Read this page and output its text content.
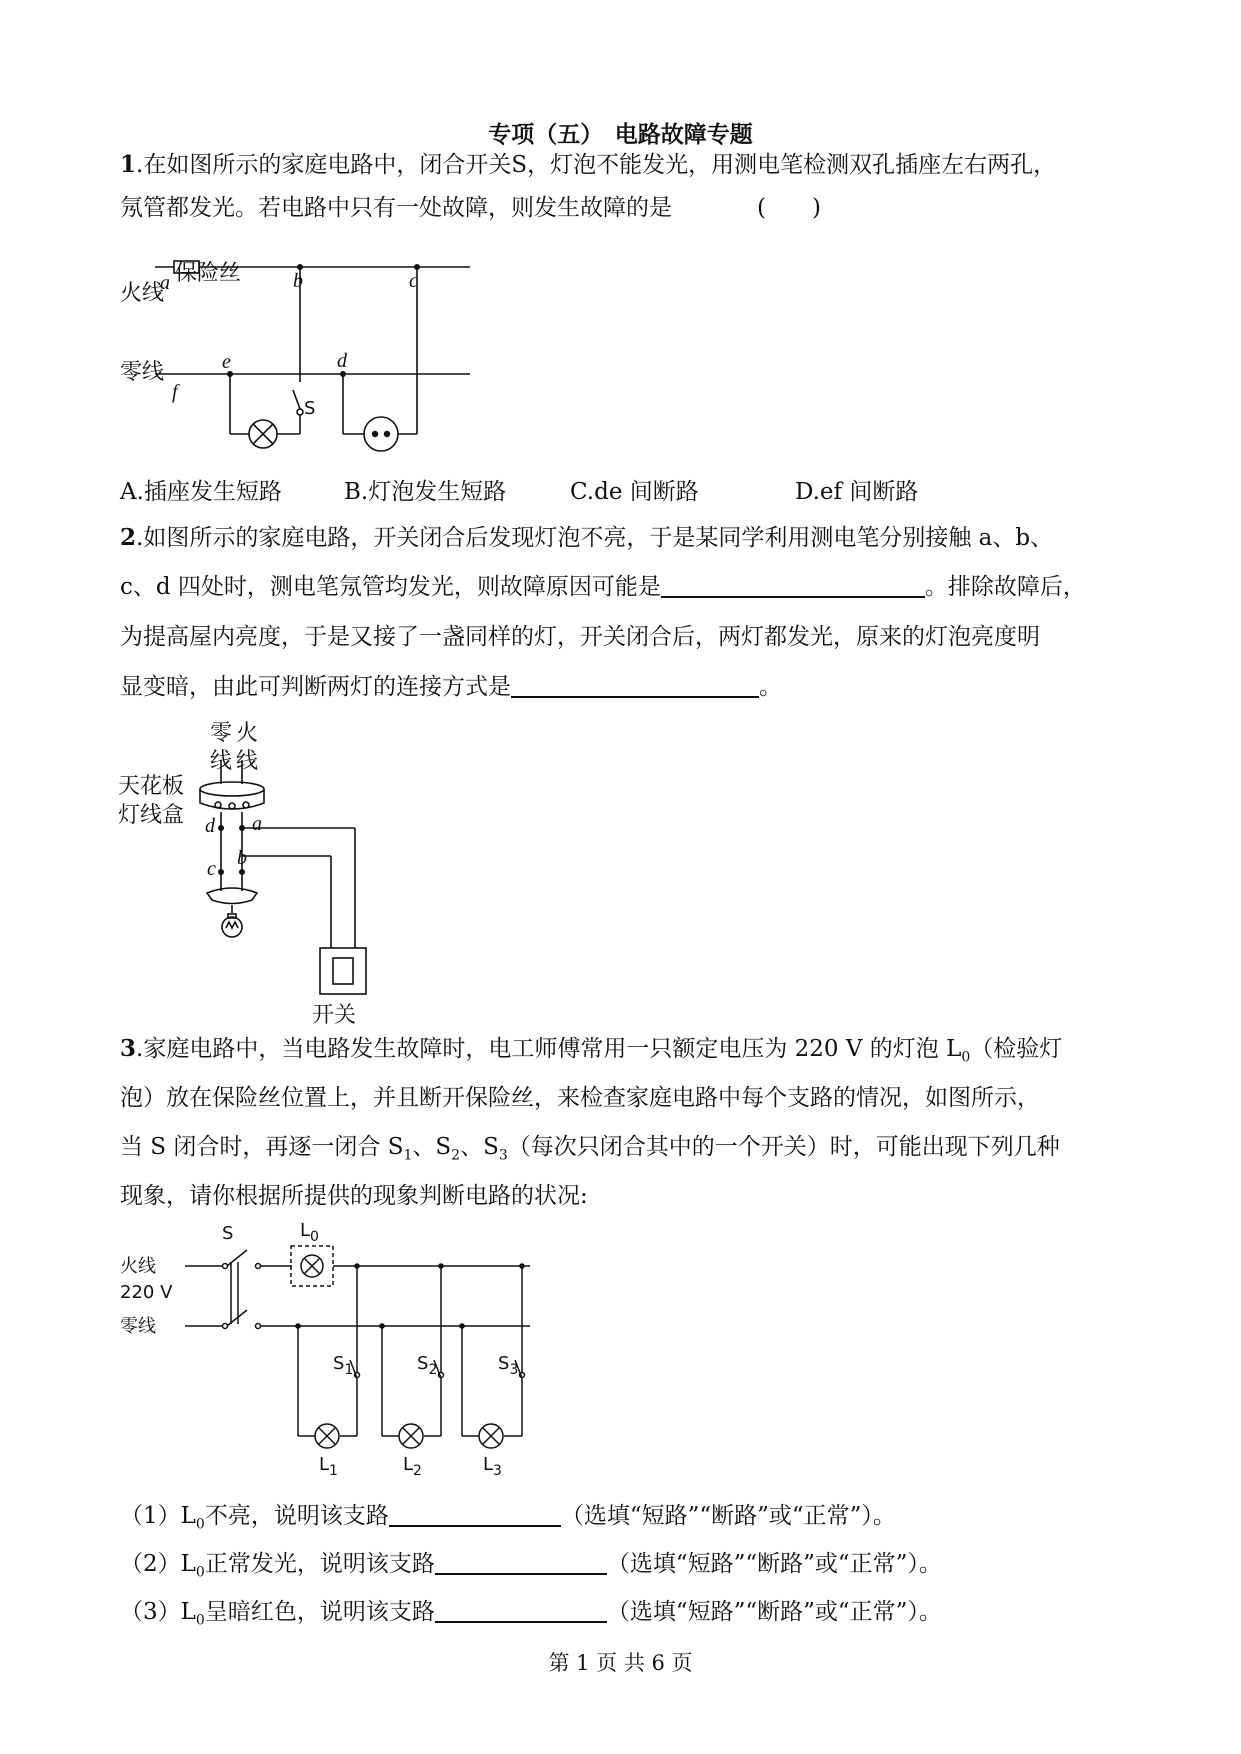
专项（五）　电路故障专题
1.在如图所示的家庭电路中，闭合开关S，灯泡不能发光，用测电笔检测双孔插座左右两孔，
氖管都发光。若电路中只有一处故障，则发生故障的是	(　　)
火线
a 保险丝	b	c
零线	e	d
f
S
A.插座发生短路	B.灯泡发生短路	C.de 间断路	D.ef 间断路
2.如图所示的家庭电路，开关闭合后发现灯泡不亮，于是某同学利用测电笔分别接触 a、b、
c、d 四处时，测电笔氖管均发光，则故障原因可能是	。排除故障后，
为提高屋内亮度，于是又接了一盏同样的灯，开关闭合后，两灯都发光，原来的灯泡亮度明
显变暗，由此可判断两灯的连接方式是	。
零 火
线 线
天花板
灯线盒 d a
c b
开关
3.家庭电路中，当电路发生故障时，电工师傅常用一只额定电压为 220 V 的灯泡 $L_0$（检验灯
泡）放在保险丝位置上，并且断开保险丝，来检查家庭电路中每个支路的情况，如图所示，
当 S 闭合时，再逐一闭合 $S_1$、$S_2$、$S_3$（每次只闭合其中的一个开关）时，可能出现下列几种
现象，请你根据所提供的现象判断电路的状况:
火线
220 V
零线
S	$L_0$
$S_1$	$S_2$	$S_3$
$L_1$	$L_2$	$L_3$
$(1)L_0$不亮，说明该支路	（选填“短路”“断路”或“正常”）。
$(2)L_0$正常发光，说明该支路	（选填“短路”“断路”或“正常”）。
$(3)L_0$呈暗红色，说明该支路	（选填“短路”“断路”或“正常”）。
第 1 页 共 6 页
